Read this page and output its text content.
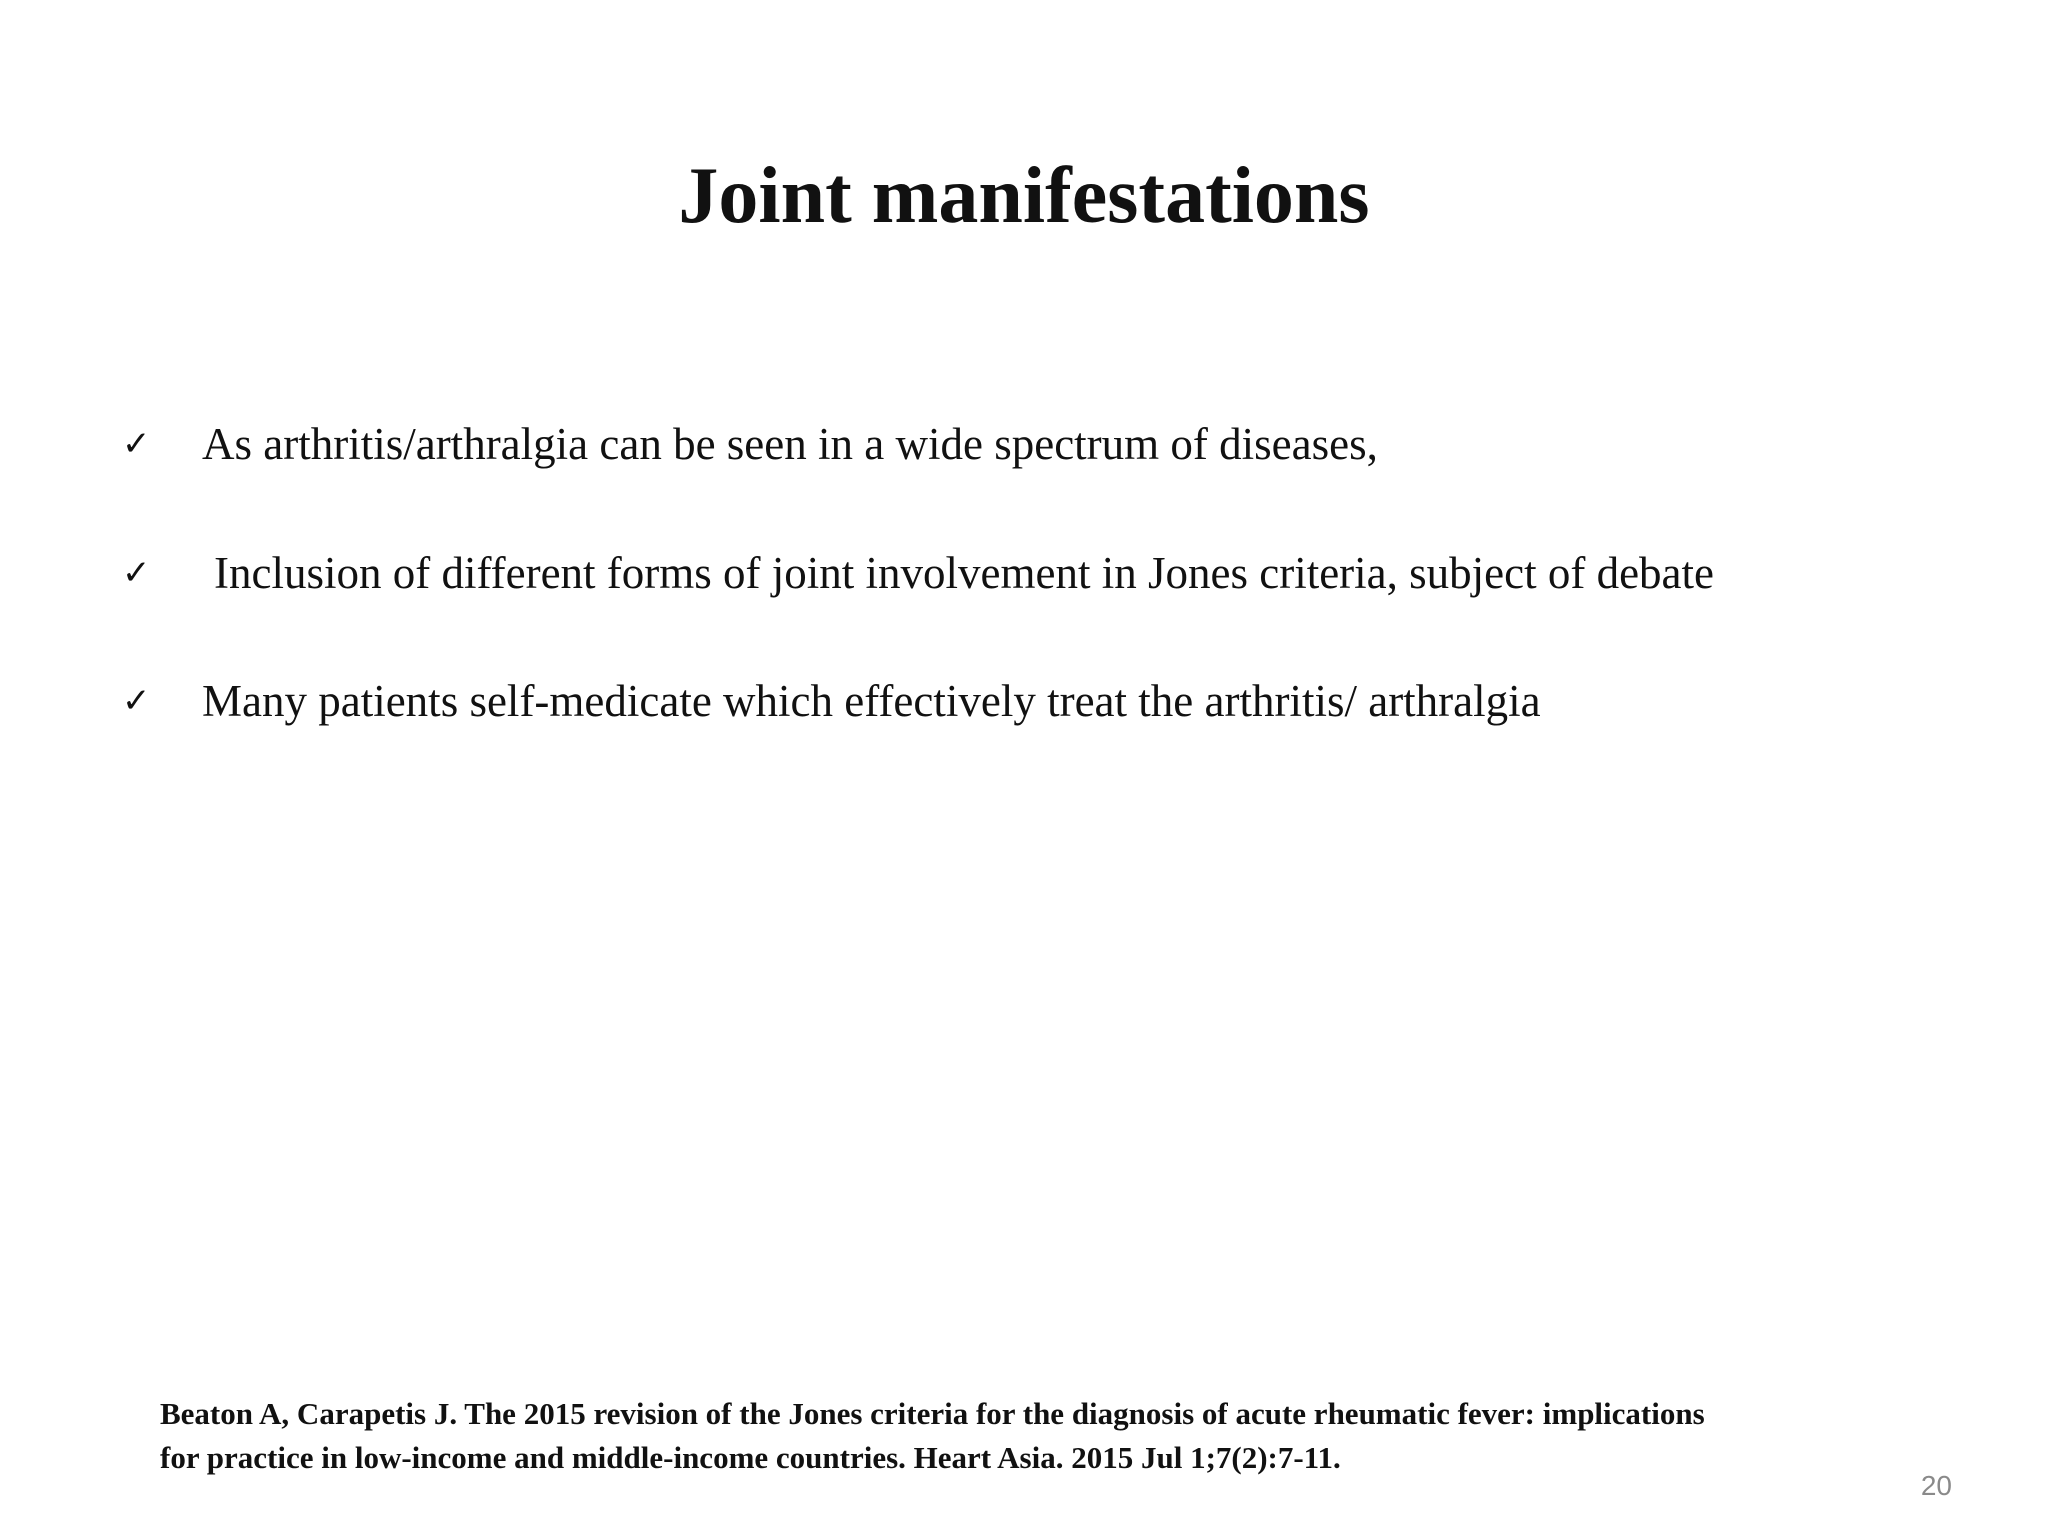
Joint manifestations
✓ As arthritis/arthralgia can be seen in a wide spectrum of diseases,
✓ Inclusion of different forms of joint involvement in Jones criteria, subject of debate
✓ Many patients self-medicate which effectively treat the arthritis/ arthralgia

Beaton A, Carapetis J. The 2015 revision of the Jones criteria for the diagnosis of acute rheumatic fever: implications
for practice in low-income and middle-income countries. Heart Asia. 2015 Jul 1;7(2):7-11.

20
